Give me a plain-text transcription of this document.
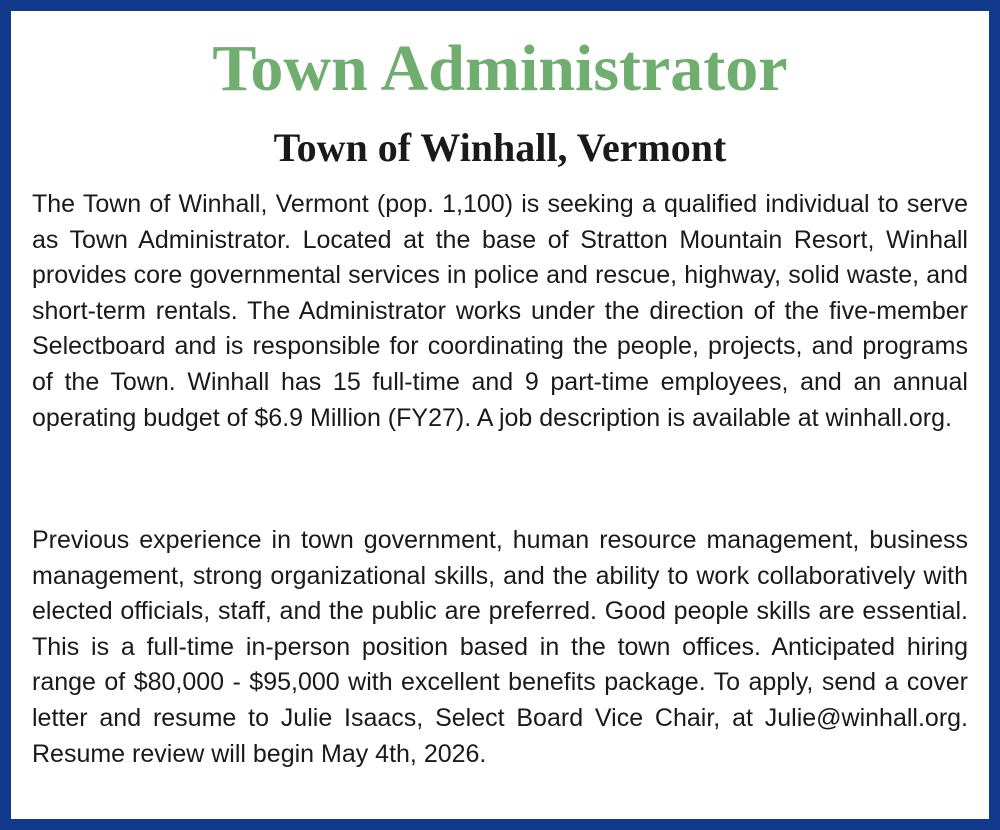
Town Administrator
Town of Winhall, Vermont

The Town of Winhall, Vermont (pop. 1,100) is seeking a qualified individual to serve as Town Administrator. Located at the base of Stratton Mountain Resort, Winhall provides core governmental services in police and rescue, highway, solid waste, and short-term rentals. The Administrator works under the direction of the five-member Selectboard and is responsible for coordinating the people, projects, and programs of the Town. Winhall has 15 full-time and 9 part-time employees, and an annual operating budget of $6.9 Million (FY27). A job description is available at winhall.org.

Previous experience in town government, human resource management, business management, strong organizational skills, and the ability to work collaboratively with elected officials, staff, and the public are preferred. Good people skills are essential. This is a full-time in-person position based in the town offices. Anticipated hiring range of $80,000 - $95,000 with excellent benefits package. To apply, send a cover letter and resume to Julie Isaacs, Select Board Vice Chair, at Julie@winhall.org. Resume review will begin May 4th, 2026.
